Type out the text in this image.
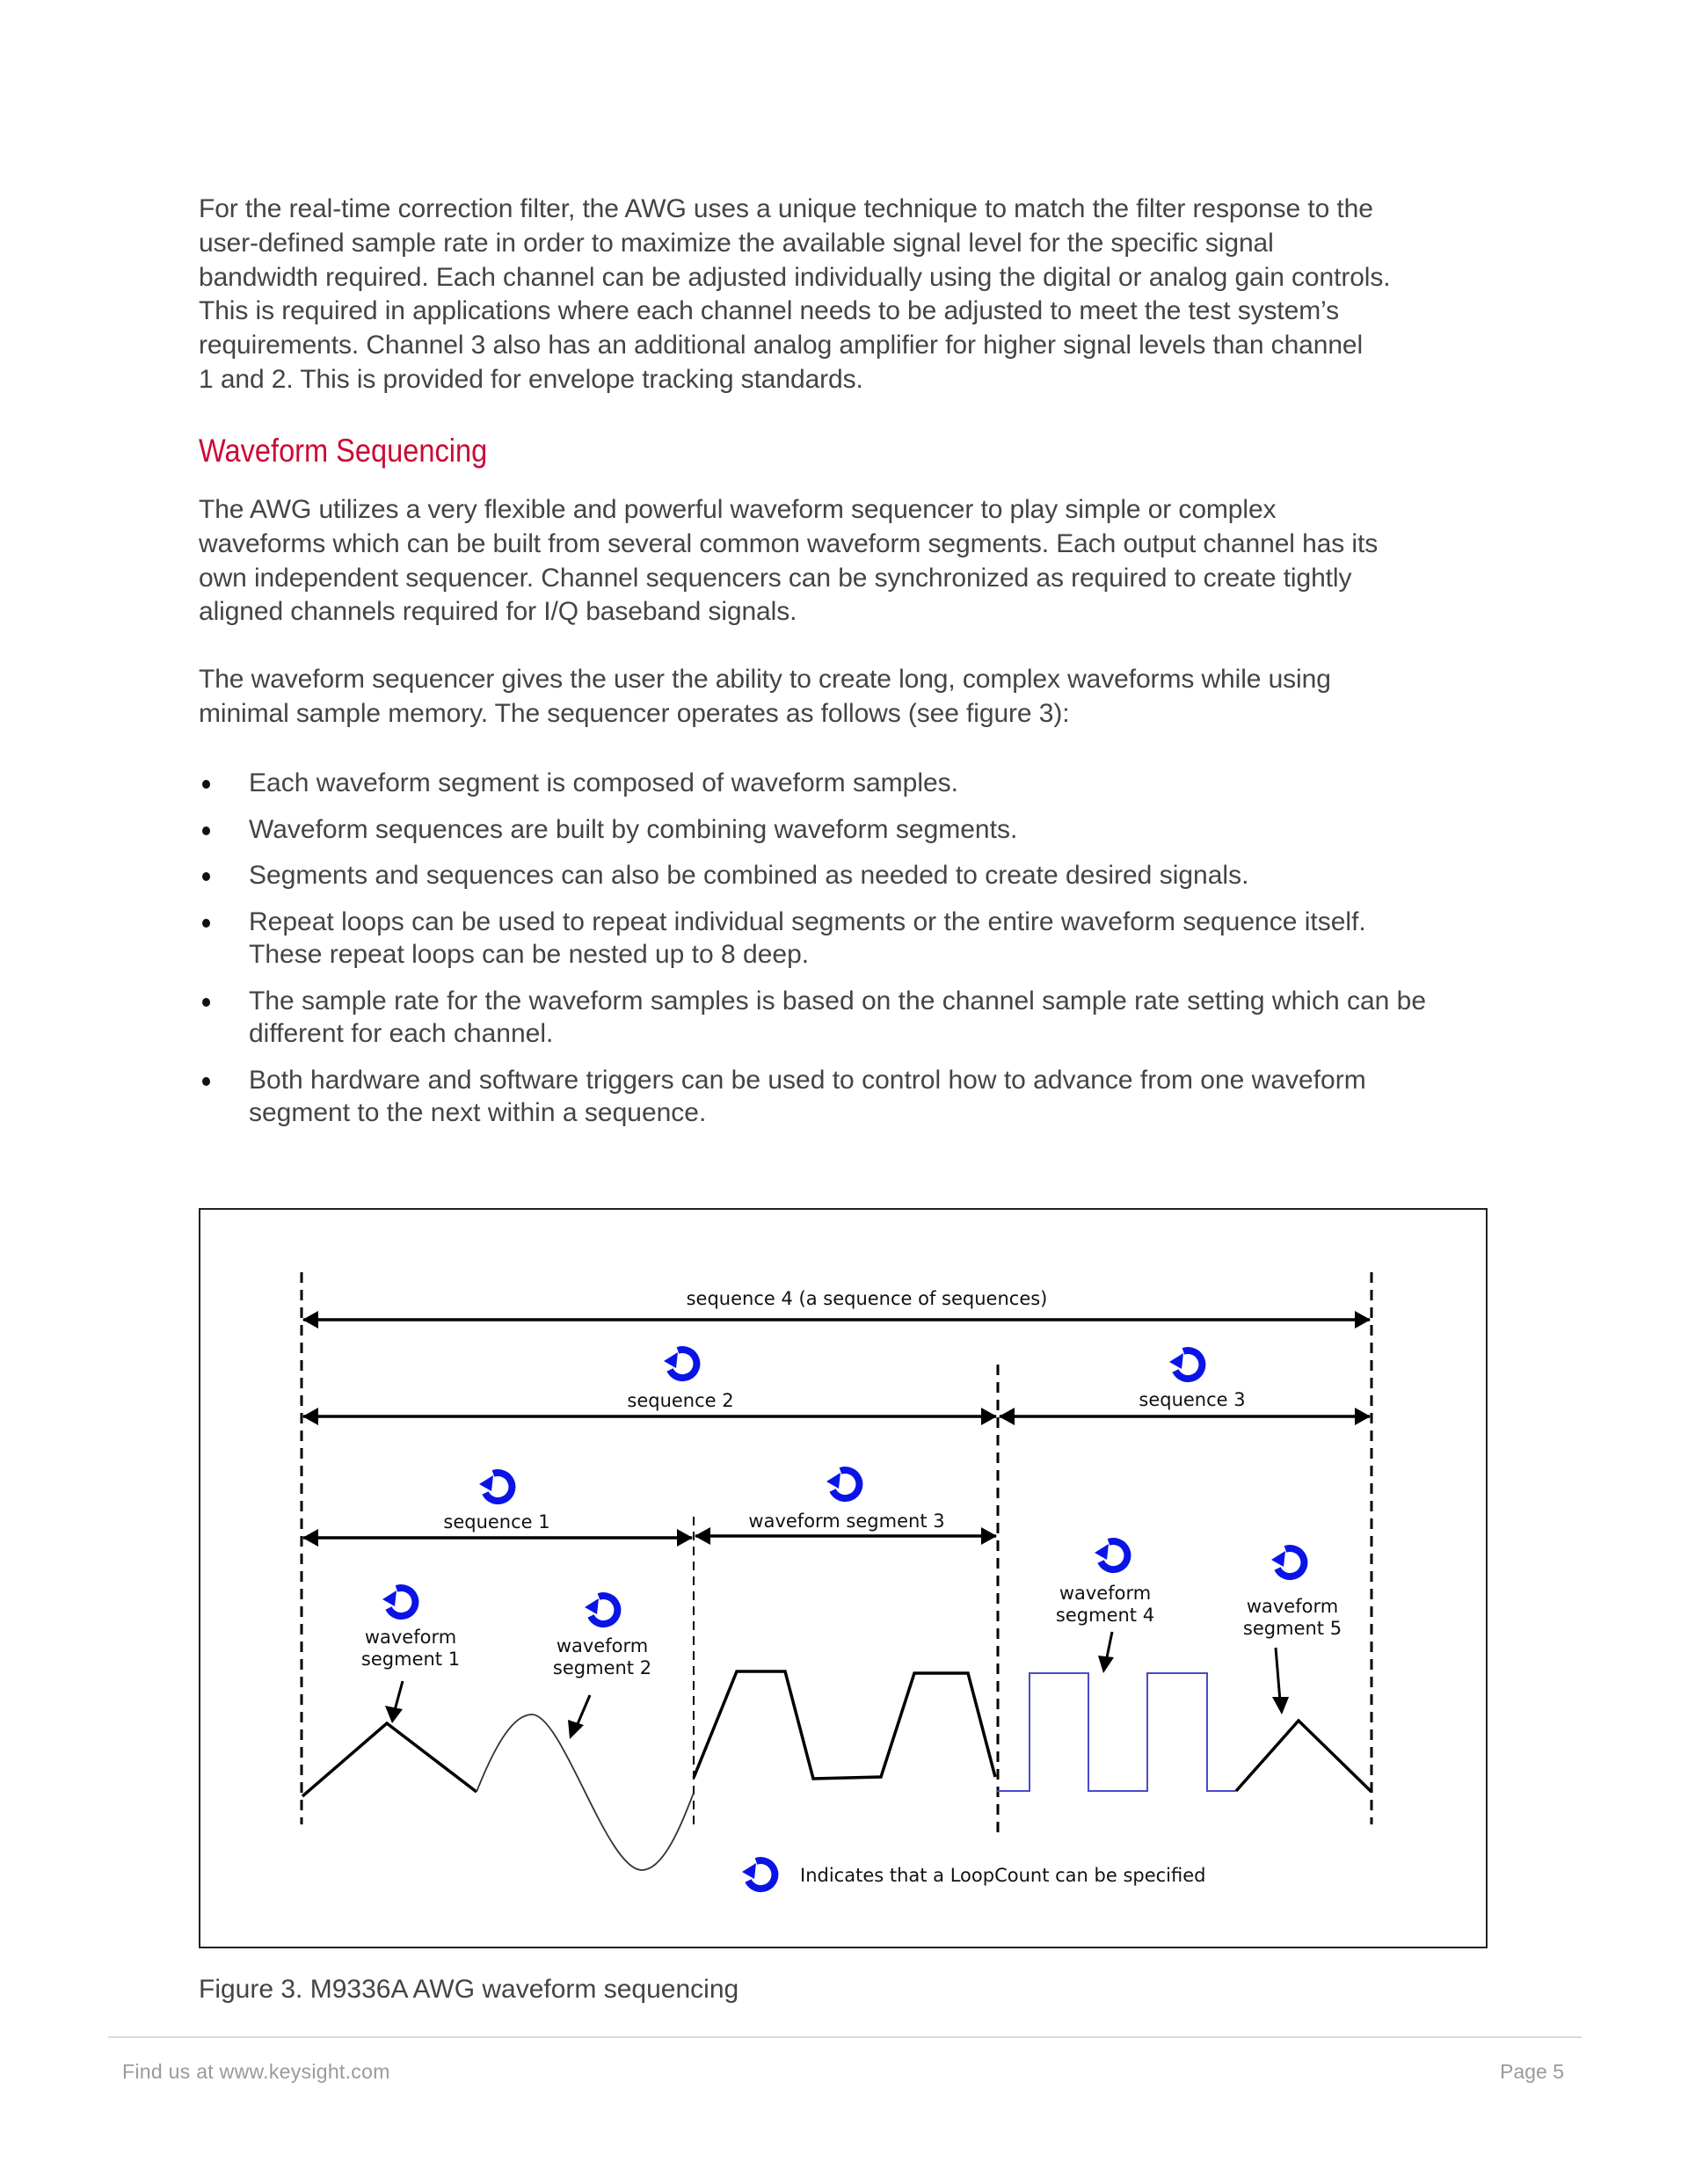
For the real-time correction filter, the AWG uses a unique technique to match the filter response to the
user-defined sample rate in order to maximize the available signal level for the specific signal
bandwidth required. Each channel can be adjusted individually using the digital or analog gain controls.
This is required in applications where each channel needs to be adjusted to meet the test system’s
requirements. Channel 3 also has an additional analog amplifier for higher signal levels than channel
1 and 2. This is provided for envelope tracking standards.
Waveform Sequencing
The AWG utilizes a very flexible and powerful waveform sequencer to play simple or complex
waveforms which can be built from several common waveform segments. Each output channel has its
own independent sequencer. Channel sequencers can be synchronized as required to create tightly
aligned channels required for I/Q baseband signals.
The waveform sequencer gives the user the ability to create long, complex waveforms while using
minimal sample memory. The sequencer operates as follows (see figure 3):
Each waveform segment is composed of waveform samples.
Waveform sequences are built by combining waveform segments.
Segments and sequences can also be combined as needed to create desired signals.
Repeat loops can be used to repeat individual segments or the entire waveform sequence itself. These repeat loops can be nested up to 8 deep.
The sample rate for the waveform samples is based on the channel sample rate setting which can be different for each channel.
Both hardware and software triggers can be used to control how to advance from one waveform segment to the next within a sequence.
sequence 4 (a sequence of sequences)
sequence 2	sequence 3
sequence 1	waveform segment 3
waveform
segment 1
waveform
segment 2
waveform
segment 4	waveform
segment 5
Indicates that a LoopCount can be specified

Figure 3. M9336A AWG waveform sequencing

Find us at www.keysight.com	Page 5
